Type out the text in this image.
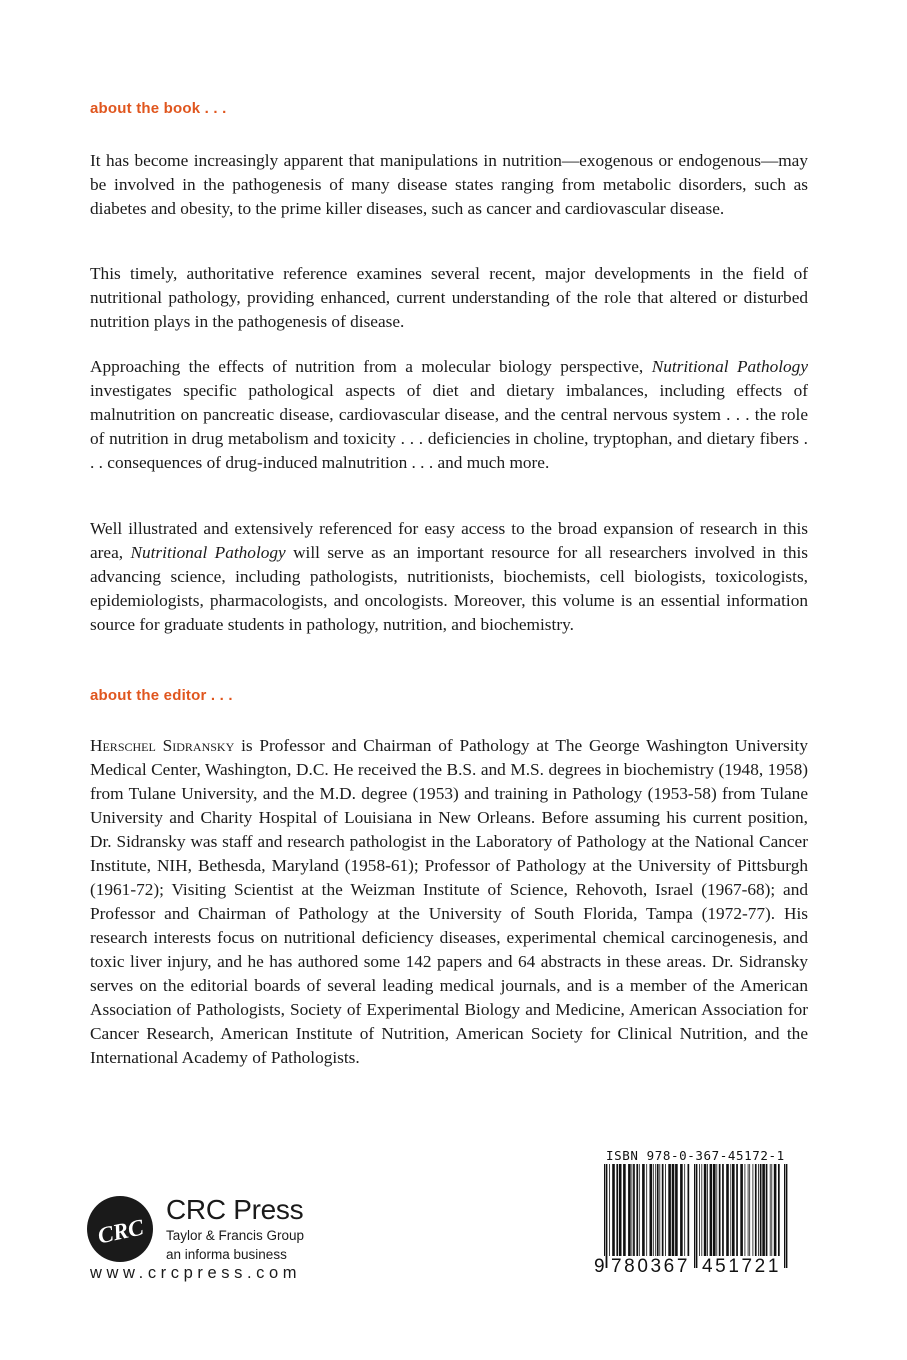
about the book . . .

It has become increasingly apparent that manipulations in nutrition—exogenous or endogenous—may be involved in the pathogenesis of many disease states ranging from metabolic disorders, such as diabetes and obesity, to the prime killer diseases, such as cancer and cardiovascular disease.

This timely, authoritative reference examines several recent, major developments in the field of nutritional pathology, providing enhanced, current understanding of the role that altered or disturbed nutrition plays in the pathogenesis of disease.

Approaching the effects of nutrition from a molecular biology perspective, Nutritional Pathology investigates specific pathological aspects of diet and dietary imbalances, including effects of malnutrition on pancreatic disease, cardiovascular disease, and the central nervous system . . . the role of nutrition in drug metabolism and toxicity . . . deficiencies in choline, tryptophan, and dietary fibers . . . consequences of drug-induced malnutrition . . . and much more.

Well illustrated and extensively referenced for easy access to the broad expansion of research in this area, Nutritional Pathology will serve as an important resource for all researchers involved in this advancing science, including pathologists, nutritionists, biochemists, cell biologists, toxicologists, epidemiologists, pharmacologists, and oncologists. Moreover, this volume is an essential information source for graduate students in pathology, nutrition, and biochemistry.

about the editor . . .

Herschel Sidransky is Professor and Chairman of Pathology at The George Washington University Medical Center, Washington, D.C. He received the B.S. and M.S. degrees in biochemistry (1948, 1958) from Tulane University, and the M.D. degree (1953) and training in Pathology (1953-58) from Tulane University and Charity Hospital of Louisiana in New Orleans. Before assuming his current position, Dr. Sidransky was staff and research pathologist in the Laboratory of Pathology at the National Cancer Institute, NIH, Bethesda, Maryland (1958-61); Professor of Pathology at the University of Pittsburgh (1961-72); Visiting Scientist at the Weizman Institute of Science, Rehovoth, Israel (1967-68); and Professor and Chairman of Pathology at the University of South Florida, Tampa (1972-77). His research interests focus on nutritional deficiency diseases, experimental chemical carcinogenesis, and toxic liver injury, and he has authored some 142 papers and 64 abstracts in these areas. Dr. Sidransky serves on the editorial boards of several leading medical journals, and is a member of the American Association of Pathologists, Society of Experimental Biology and Medicine, American Association for Cancer Research, American Institute of Nutrition, American Society for Clinical Nutrition, and the International Academy of Pathologists.

CRC
CRC Press
Taylor & Francis Group
an informa business
www.crcpress.com
ISBN 978-0-367-45172-1
9 780367 451721
